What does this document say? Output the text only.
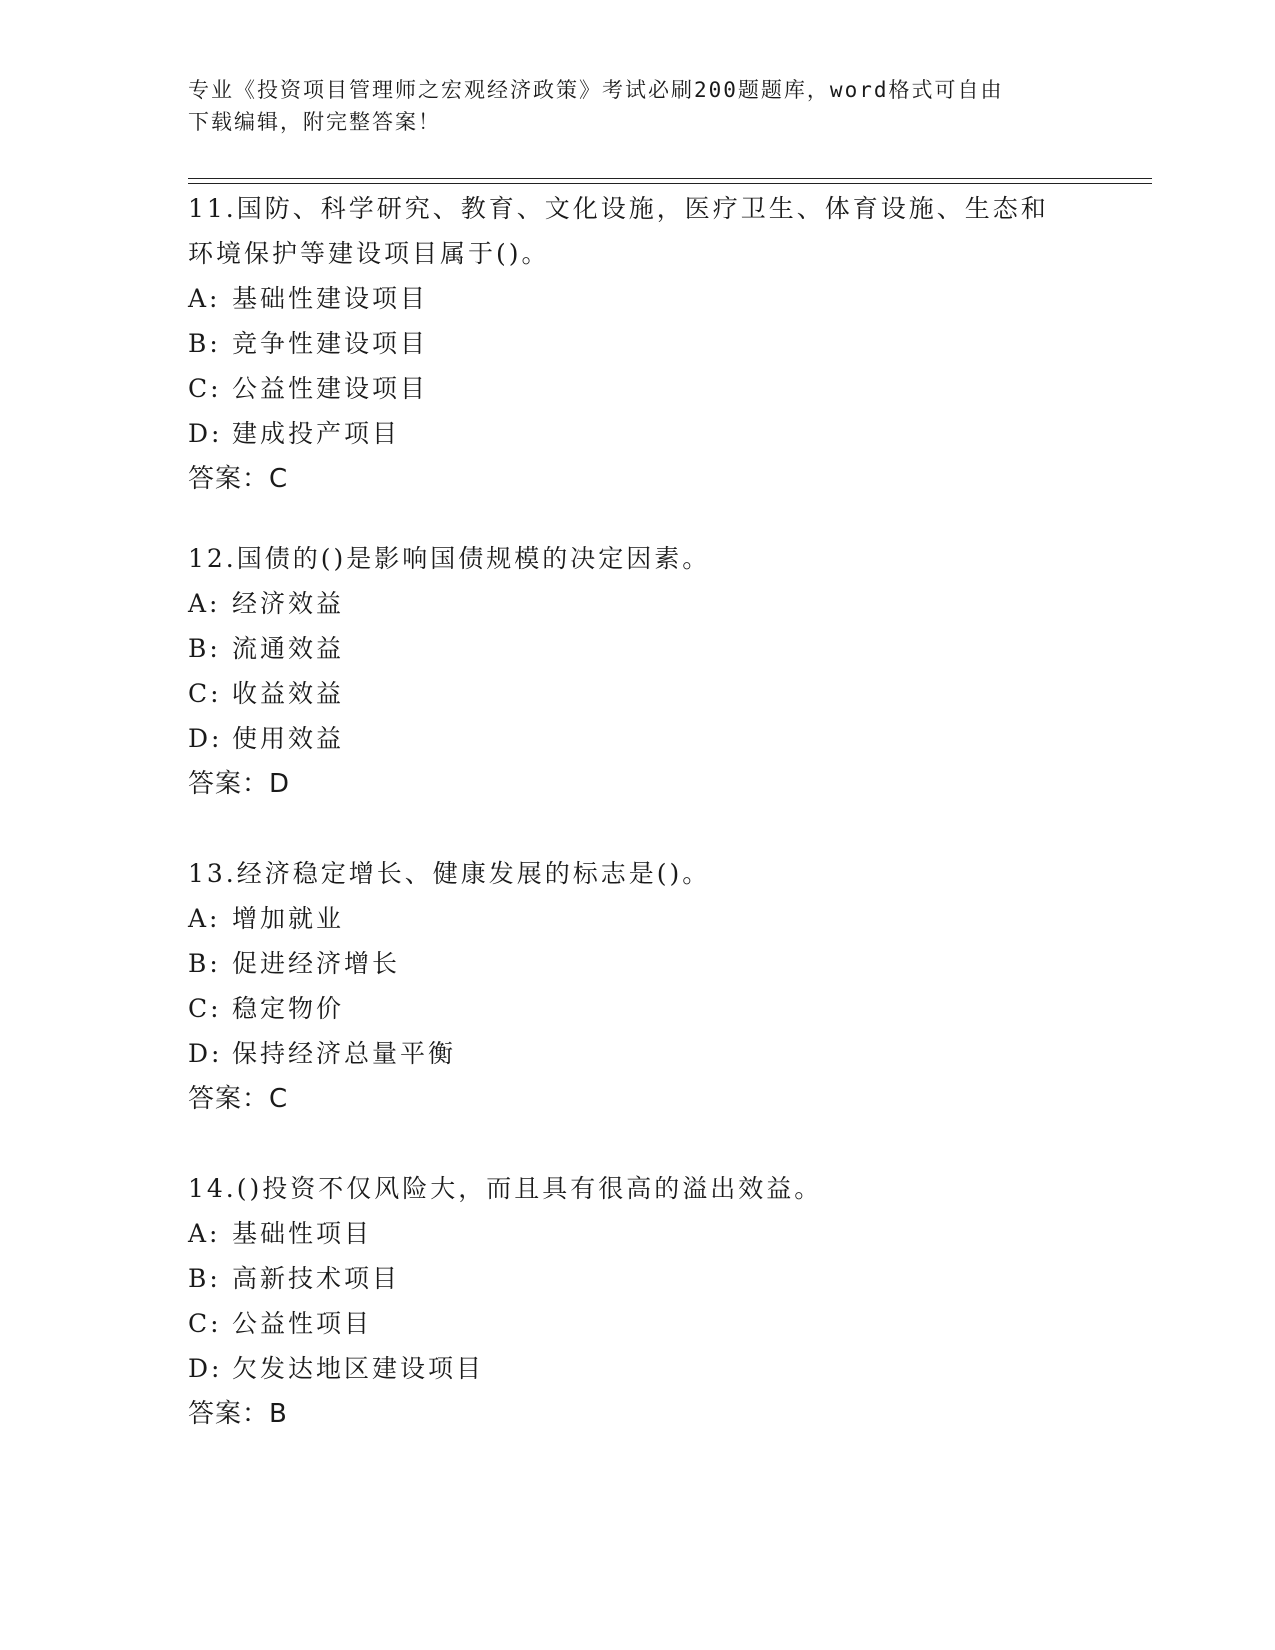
专业《投资项目管理师之宏观经济政策》考试必刷200题题库，word格式可自由
下载编辑，附完整答案！

11.国防、科学研究、教育、文化设施，医疗卫生、体育设施、生态和

环境保护等建设项目属于()。

A: 基础性建设项目

B: 竞争性建设项目

C: 公益性建设项目

D: 建成投产项目

答案：C

12.国债的()是影响国债规模的决定因素。

A: 经济效益

B: 流通效益

C: 收益效益

D: 使用效益

答案：D

13.经济稳定增长、健康发展的标志是()。

A: 增加就业

B: 促进经济增长

C: 稳定物价

D: 保持经济总量平衡

答案：C

14.()投资不仅风险大，而且具有很高的溢出效益。

A: 基础性项目

B: 高新技术项目

C: 公益性项目

D: 欠发达地区建设项目

答案：B
